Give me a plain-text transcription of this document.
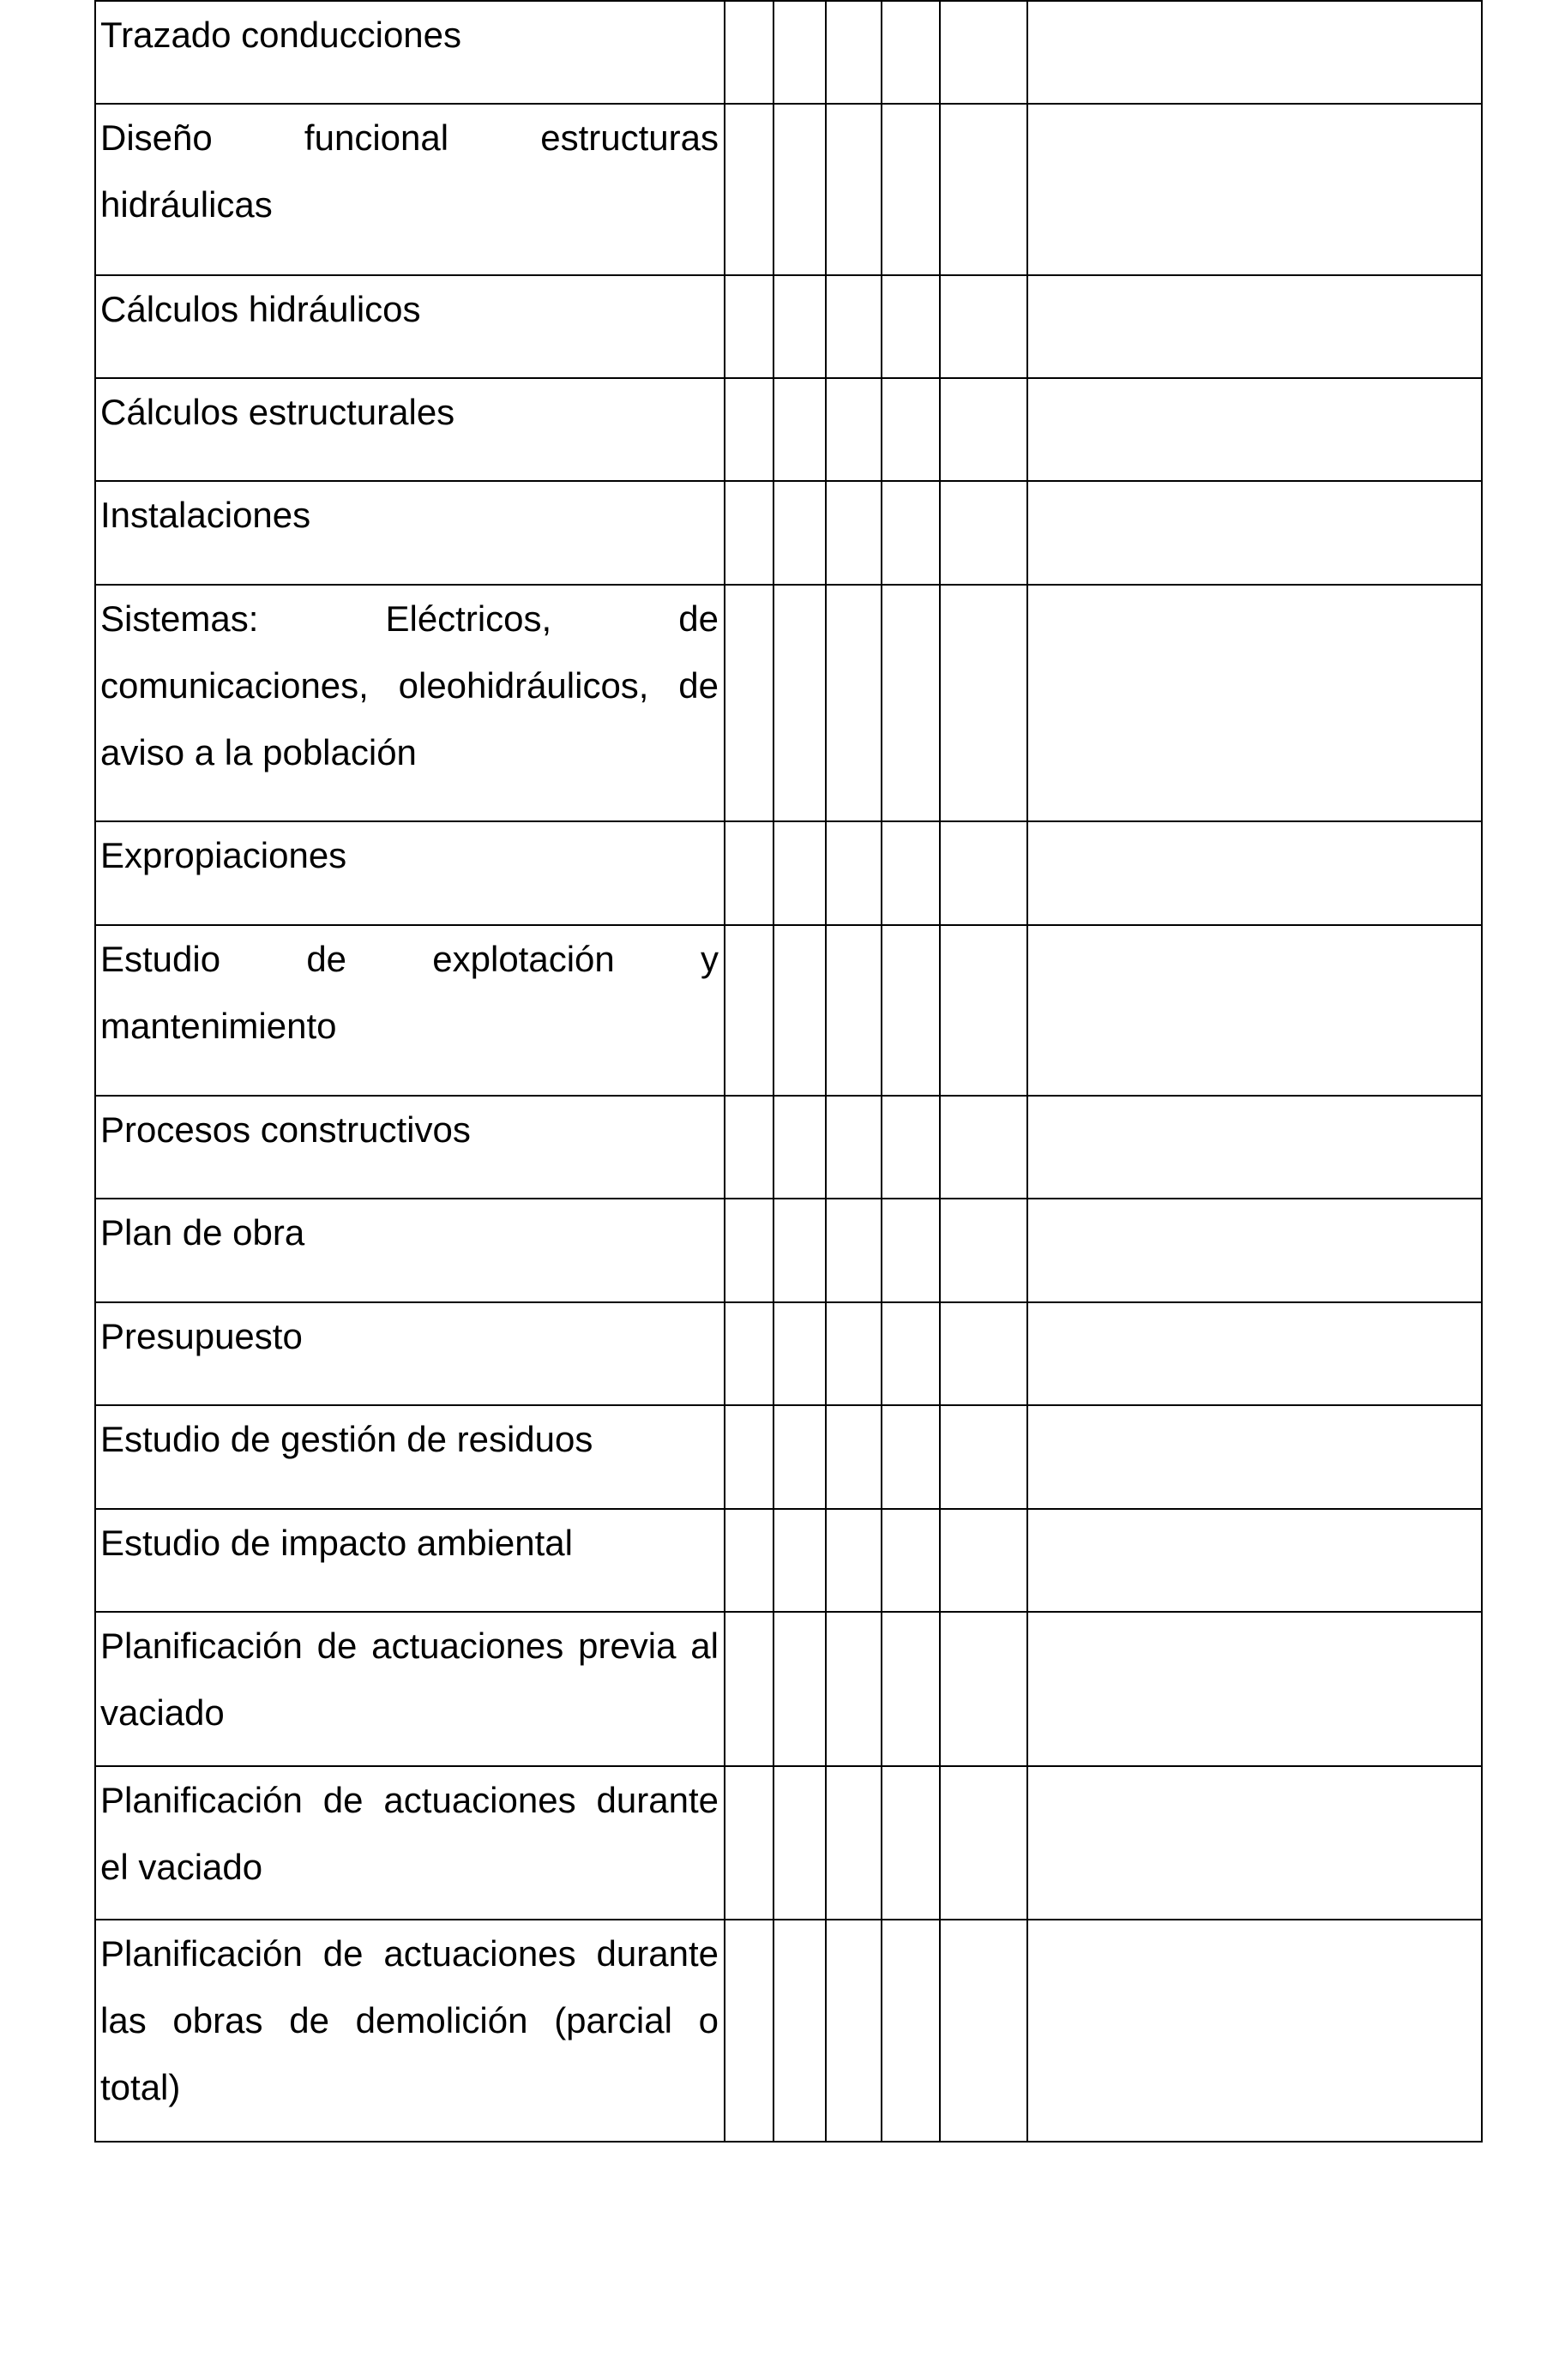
Trazado conducciones						

Diseño funcional estructuras hidráulicas						

Cálculos hidráulicos						

Cálculos estructurales						

Instalaciones						

Sistemas: Eléctricos, de comunicaciones, oleohidráulicos, de aviso a la población						

Expropiaciones						

Estudio de explotación y mantenimiento						

Procesos constructivos						

Plan de obra						

Presupuesto						

Estudio de gestión de residuos						

Estudio de impacto ambiental						

Planificación de actuaciones previa al vaciado						

Planificación de actuaciones durante el vaciado						

Planificación de actuaciones durante las obras de demolición (parcial o total)						
